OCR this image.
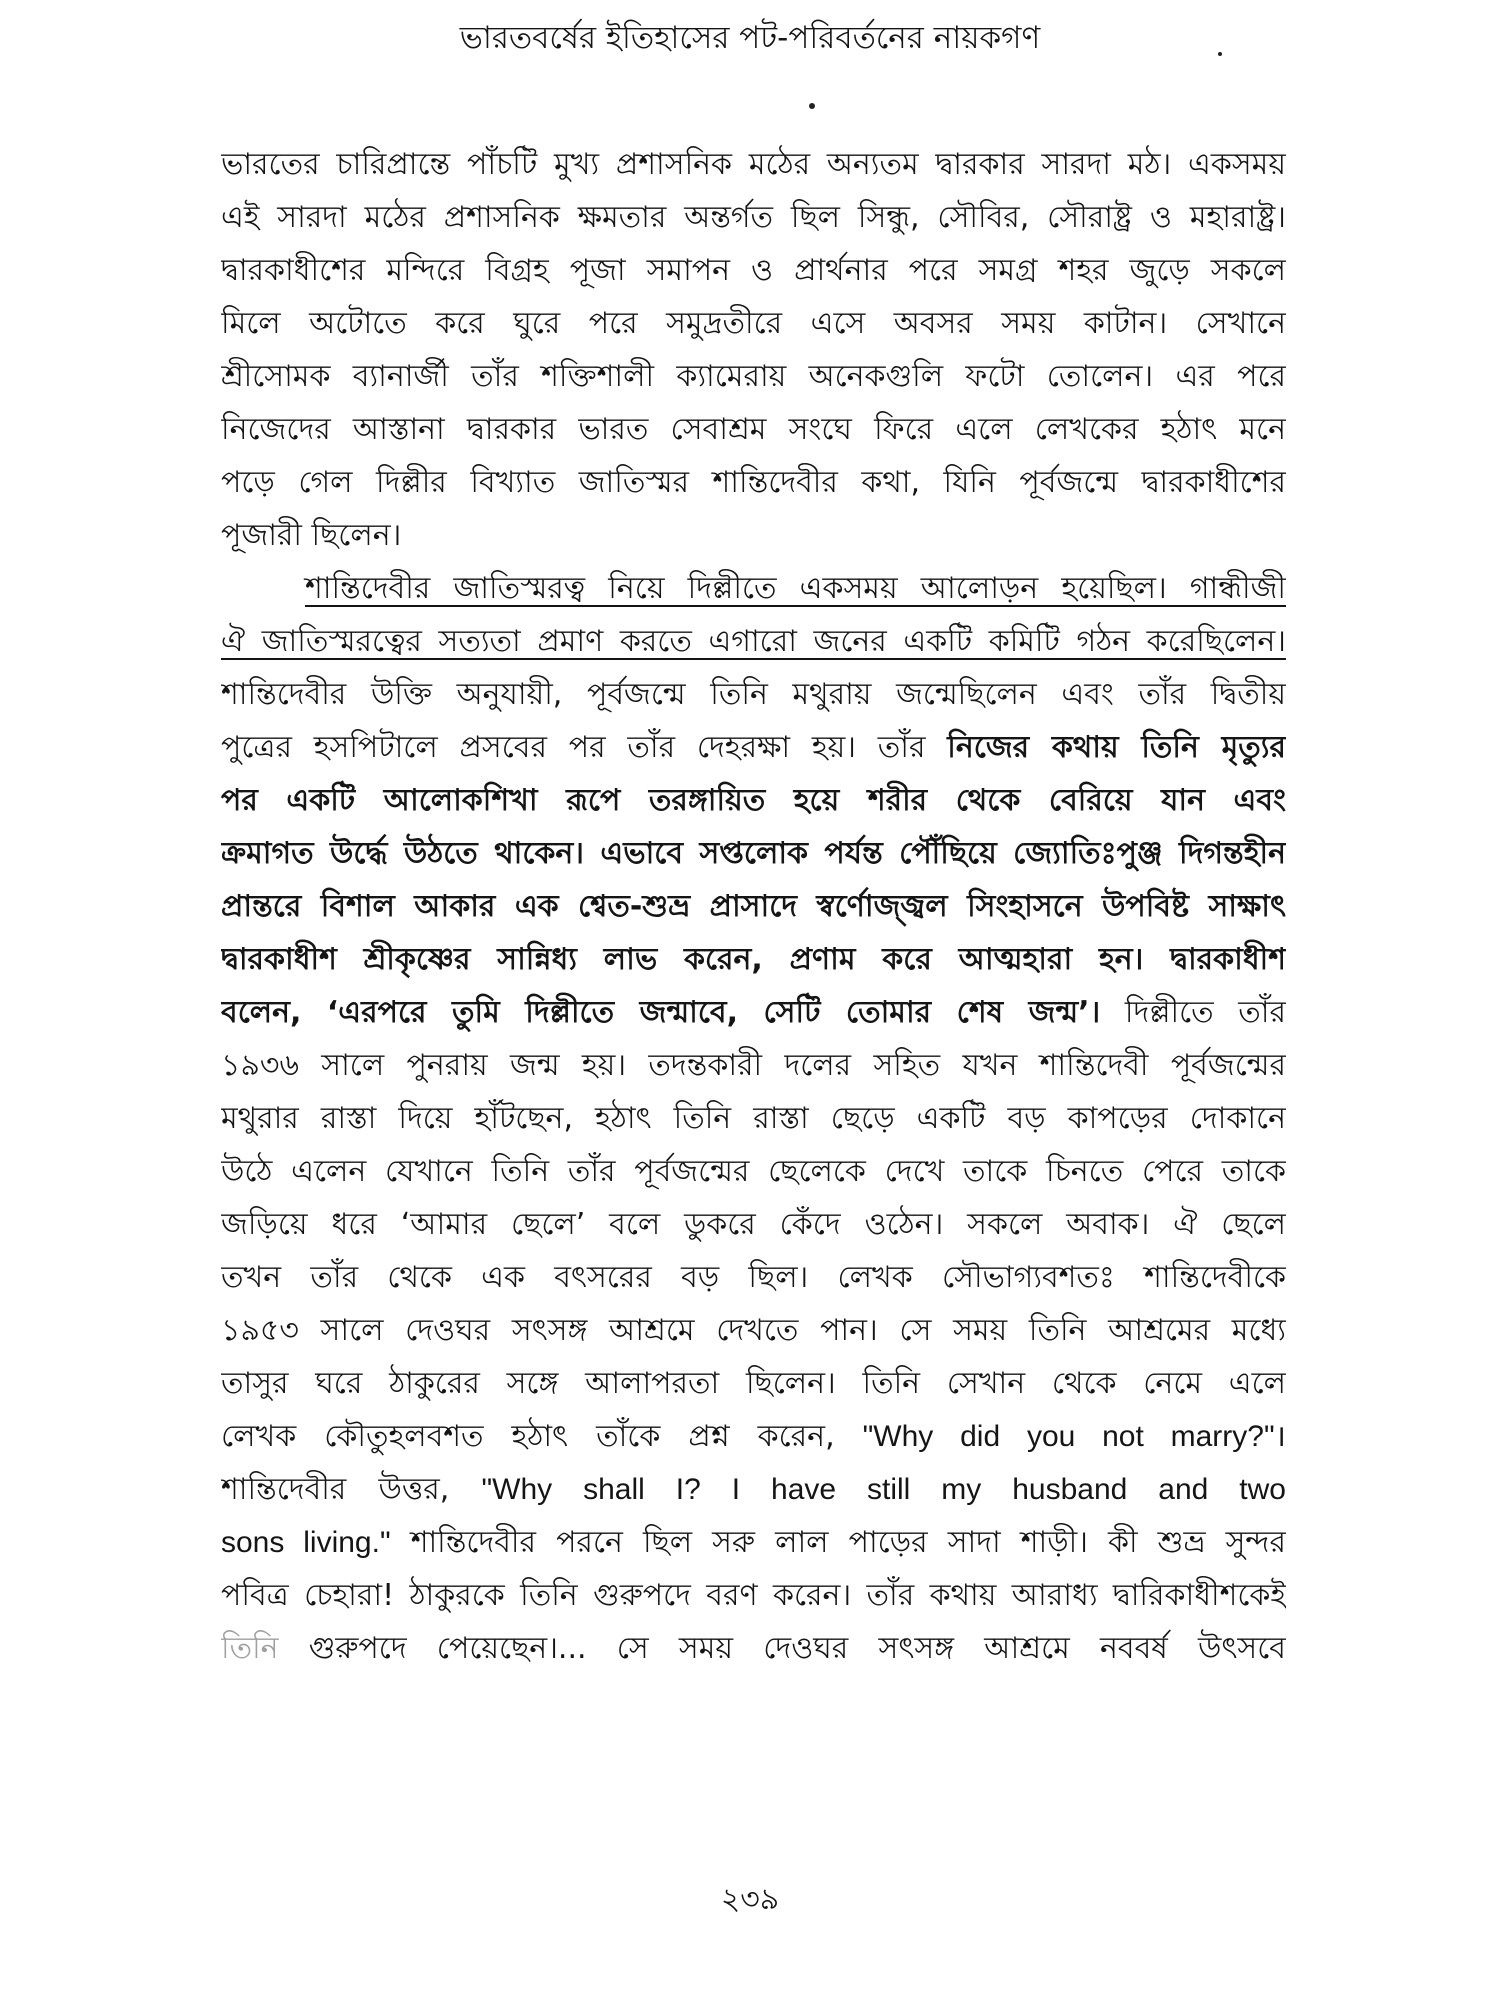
ভারতবর্ষের ইতিহাসের পট-পরিবর্তনের নায়কগণ
ভারতের চারিপ্রান্তে পাঁচটি মুখ্য প্রশাসনিক মঠের অন্যতম দ্বারকার সারদা মঠ। একসময়
এই সারদা মঠের প্রশাসনিক ক্ষমতার অন্তর্গত ছিল সিন্ধু, সৌবির, সৌরাষ্ট্র ও মহারাষ্ট্র।
দ্বারকাধীশের মন্দিরে বিগ্রহ পূজা সমাপন ও প্রার্থনার পরে সমগ্র শহর জুড়ে সকলে
মিলে অটোতে করে ঘুরে পরে সমুদ্রতীরে এসে অবসর সময় কাটান। সেখানে
শ্রীসোমক ব্যানার্জী তাঁর শক্তিশালী ক্যামেরায় অনেকগুলি ফটো তোলেন। এর পরে
নিজেদের আস্তানা দ্বারকার ভারত সেবাশ্রম সংঘে ফিরে এলে লেখকের হঠাৎ মনে
পড়ে গেল দিল্লীর বিখ্যাত জাতিস্মর শান্তিদেবীর কথা, যিনি পূর্বজন্মে দ্বারকাধীশের
পূজারী ছিলেন।
শান্তিদেবীর জাতিস্মরত্ব নিয়ে দিল্লীতে একসময় আলোড়ন হয়েছিল। গান্ধীজী
ঐ জাতিস্মরত্বের সত্যতা প্রমাণ করতে এগারো জনের একটি কমিটি গঠন করেছিলেন।
শান্তিদেবীর উক্তি অনুযায়ী, পূর্বজন্মে তিনি মথুরায় জন্মেছিলেন এবং তাঁর দ্বিতীয়
পুত্রের হসপিটালে প্রসবের পর তাঁর দেহরক্ষা হয়। তাঁর নিজের কথায় তিনি মৃত্যুর
পর একটি আলোকশিখা রূপে তরঙ্গায়িত হয়ে শরীর থেকে বেরিয়ে যান এবং
ক্রমাগত উর্দ্ধে উঠতে থাকেন। এভাবে সপ্তলোক পর্যন্ত পৌঁছিয়ে জ্যোতিঃপুঞ্জ দিগন্তহীন
প্রান্তরে বিশাল আকার এক শ্বেত-শুভ্র প্রাসাদে স্বর্ণোজ্জ্বল সিংহাসনে উপবিষ্ট সাক্ষাৎ
দ্বারকাধীশ শ্রীকৃষ্ণের সান্নিধ্য লাভ করেন, প্রণাম করে আত্মহারা হন। দ্বারকাধীশ
বলেন, ‘এরপরে তুমি দিল্লীতে জন্মাবে, সেটি তোমার শেষ জন্ম’। দিল্লীতে তাঁর
১৯৩৬ সালে পুনরায় জন্ম হয়। তদন্তকারী দলের সহিত যখন শান্তিদেবী পূর্বজন্মের
মথুরার রাস্তা দিয়ে হাঁটছেন, হঠাৎ তিনি রাস্তা ছেড়ে একটি বড় কাপড়ের দোকানে
উঠে এলেন যেখানে তিনি তাঁর পূর্বজন্মের ছেলেকে দেখে তাকে চিনতে পেরে তাকে
জড়িয়ে ধরে ‘আমার ছেলে’ বলে ডুকরে কেঁদে ওঠেন। সকলে অবাক। ঐ ছেলে
তখন তাঁর থেকে এক বৎসরের বড় ছিল। লেখক সৌভাগ্যবশতঃ শান্তিদেবীকে
১৯৫৩ সালে দেওঘর সৎসঙ্গ আশ্রমে দেখতে পান। সে সময় তিনি আশ্রমের মধ্যে
তাসুর ঘরে ঠাকুরের সঙ্গে আলাপরতা ছিলেন। তিনি সেখান থেকে নেমে এলে
লেখক কৌতুহলবশত হঠাৎ তাঁকে প্রশ্ন করেন, "Why did you not marry?"।
শান্তিদেবীর উত্তর, "Why shall I? I have still my husband and two
sons living." শান্তিদেবীর পরনে ছিল সরু লাল পাড়ের সাদা শাড়ী। কী শুভ্র সুন্দর
পবিত্র চেহারা! ঠাকুরকে তিনি গুরুপদে বরণ করেন। তাঁর কথায় আরাধ্য দ্বারিকাধীশকেই
তিনি গুরুপদে পেয়েছেন।... সে সময় দেওঘর সৎসঙ্গ আশ্রমে নববর্ষ উৎসবে
২৩৯
